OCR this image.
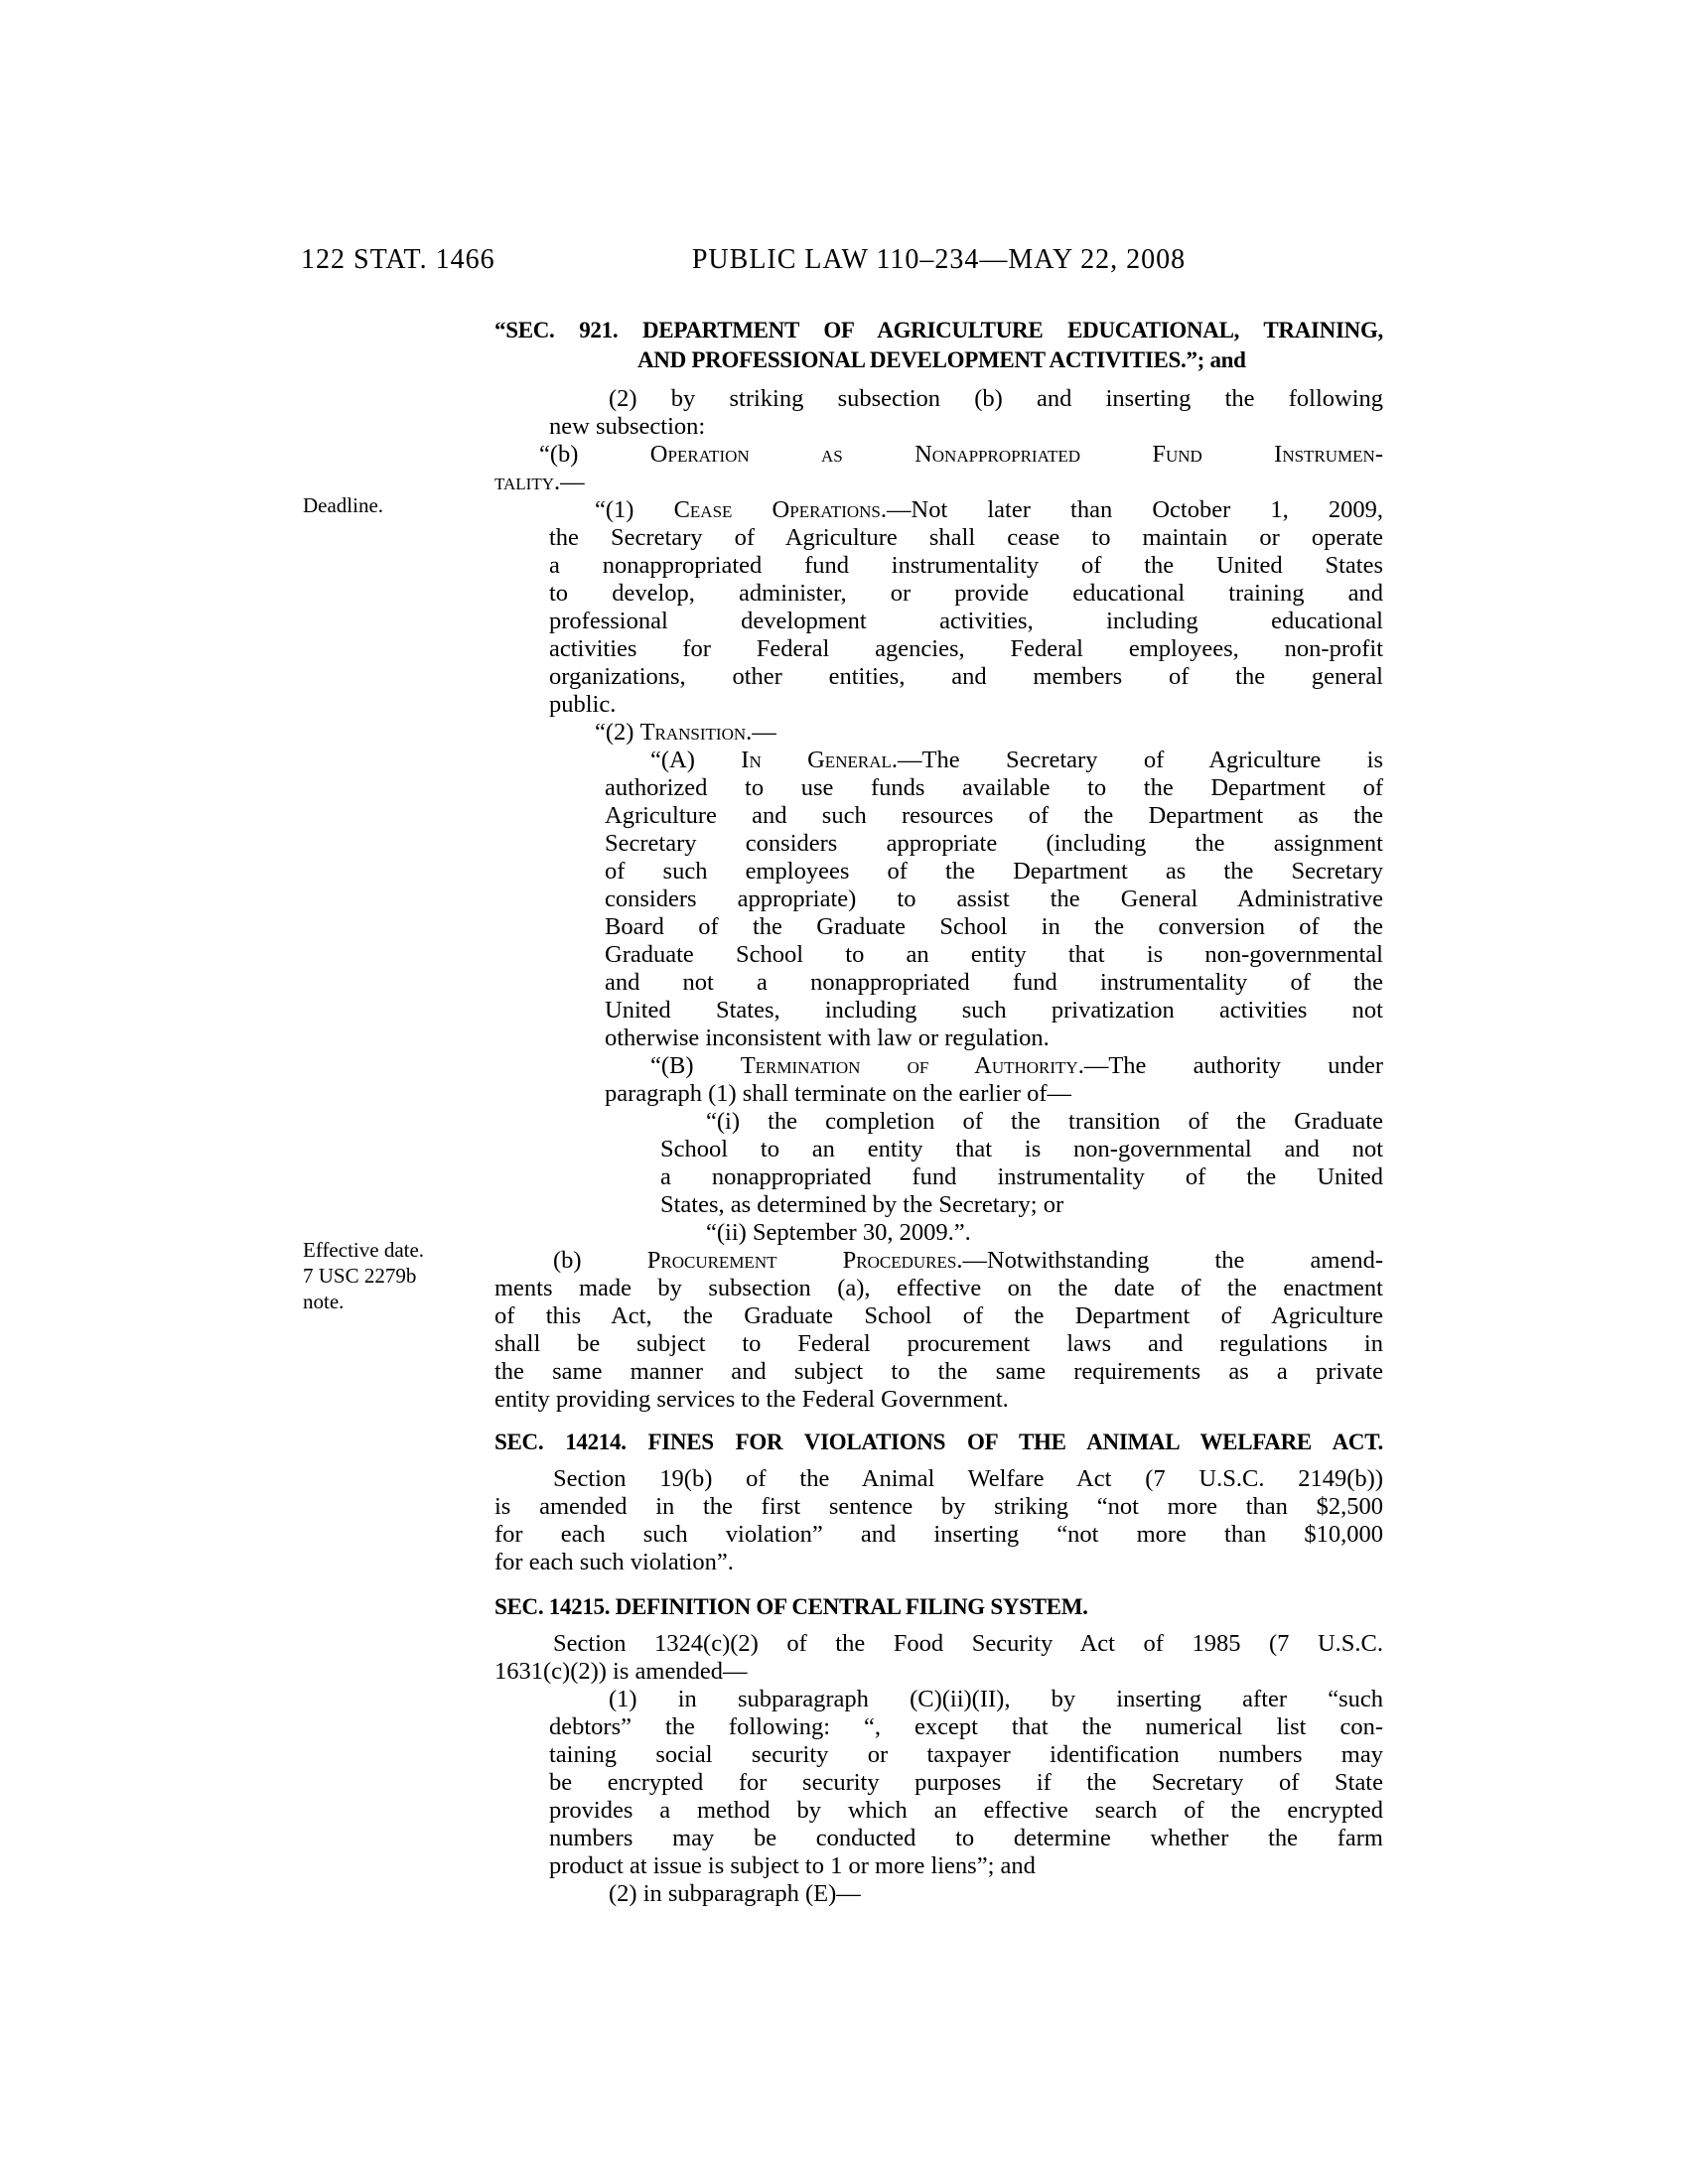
122 STAT. 1466	PUBLIC LAW 110–234—MAY 22, 2008
Deadline.
Effective date.
7 USC 2279b
note.
“SEC. 921. DEPARTMENT OF AGRICULTURE EDUCATIONAL, TRAINING,
AND PROFESSIONAL DEVELOPMENT ACTIVITIES.”; and
(2) by striking subsection (b) and inserting the following
new subsection:
“(b) Operation as Nonappropriated Fund Instrumen-
tality.—
“(1) Cease Operations.—Not later than October 1, 2009,
the Secretary of Agriculture shall cease to maintain or operate
a nonappropriated fund instrumentality of the United States
to develop, administer, or provide educational training and
professional development activities, including educational
activities for Federal agencies, Federal employees, non-profit
organizations, other entities, and members of the general
public.
“(2) Transition.—
“(A) In General.—The Secretary of Agriculture is
authorized to use funds available to the Department of
Agriculture and such resources of the Department as the
Secretary considers appropriate (including the assignment
of such employees of the Department as the Secretary
considers appropriate) to assist the General Administrative
Board of the Graduate School in the conversion of the
Graduate School to an entity that is non-governmental
and not a nonappropriated fund instrumentality of the
United States, including such privatization activities not
otherwise inconsistent with law or regulation.
“(B) Termination of Authority.—The authority under
paragraph (1) shall terminate on the earlier of—
“(i) the completion of the transition of the Graduate
School to an entity that is non-governmental and not
a nonappropriated fund instrumentality of the United
States, as determined by the Secretary; or
“(ii) September 30, 2009.”.
(b) Procurement Procedures.—Notwithstanding the amend-
ments made by subsection (a), effective on the date of the enactment
of this Act, the Graduate School of the Department of Agriculture
shall be subject to Federal procurement laws and regulations in
the same manner and subject to the same requirements as a private
entity providing services to the Federal Government.
SEC. 14214. FINES FOR VIOLATIONS OF THE ANIMAL WELFARE ACT.
Section 19(b) of the Animal Welfare Act (7 U.S.C. 2149(b))
is amended in the first sentence by striking “not more than $2,500
for each such violation” and inserting “not more than $10,000
for each such violation”.
SEC. 14215. DEFINITION OF CENTRAL FILING SYSTEM.
Section 1324(c)(2) of the Food Security Act of 1985 (7 U.S.C.
1631(c)(2)) is amended—
(1) in subparagraph (C)(ii)(II), by inserting after “such
debtors” the following: “, except that the numerical list con-
taining social security or taxpayer identification numbers may
be encrypted for security purposes if the Secretary of State
provides a method by which an effective search of the encrypted
numbers may be conducted to determine whether the farm
product at issue is subject to 1 or more liens”; and
(2) in subparagraph (E)—
